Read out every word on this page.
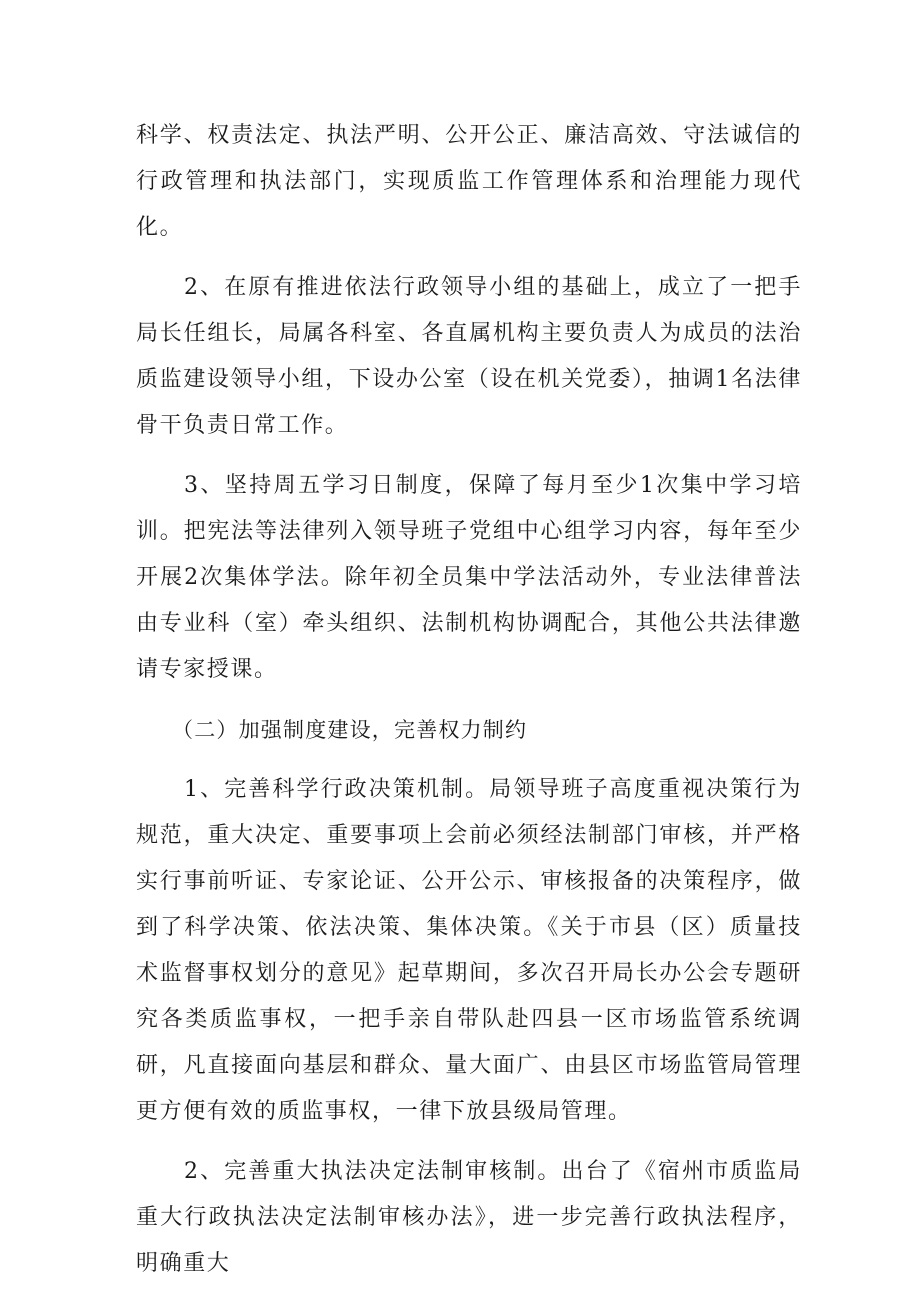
科学、权责法定、执法严明、公开公正、廉洁高效、守法诚信的行政管理和执法部门，实现质监工作管理体系和治理能力现代化。

2、在原有推进依法行政领导小组的基础上，成立了一把手局长任组长，局属各科室、各直属机构主要负责人为成员的法治质监建设领导小组，下设办公室（设在机关党委），抽调1名法律骨干负责日常工作。

3、坚持周五学习日制度，保障了每月至少1次集中学习培训。把宪法等法律列入领导班子党组中心组学习内容，每年至少开展2次集体学法。除年初全员集中学法活动外，专业法律普法由专业科（室）牵头组织、法制机构协调配合，其他公共法律邀请专家授课。

（二）加强制度建设，完善权力制约

1、完善科学行政决策机制。局领导班子高度重视决策行为规范，重大决定、重要事项上会前必须经法制部门审核，并严格实行事前听证、专家论证、公开公示、审核报备的决策程序，做到了科学决策、依法决策、集体决策。《关于市县（区）质量技术监督事权划分的意见》起草期间，多次召开局长办公会专题研究各类质监事权，一把手亲自带队赴四县一区市场监管系统调研，凡直接面向基层和群众、量大面广、由县区市场监管局管理更方便有效的质监事权，一律下放县级局管理。

2、完善重大执法决定法制审核制。出台了《宿州市质监局重大行政执法决定法制审核办法》，进一步完善行政执法程序，明确重大
